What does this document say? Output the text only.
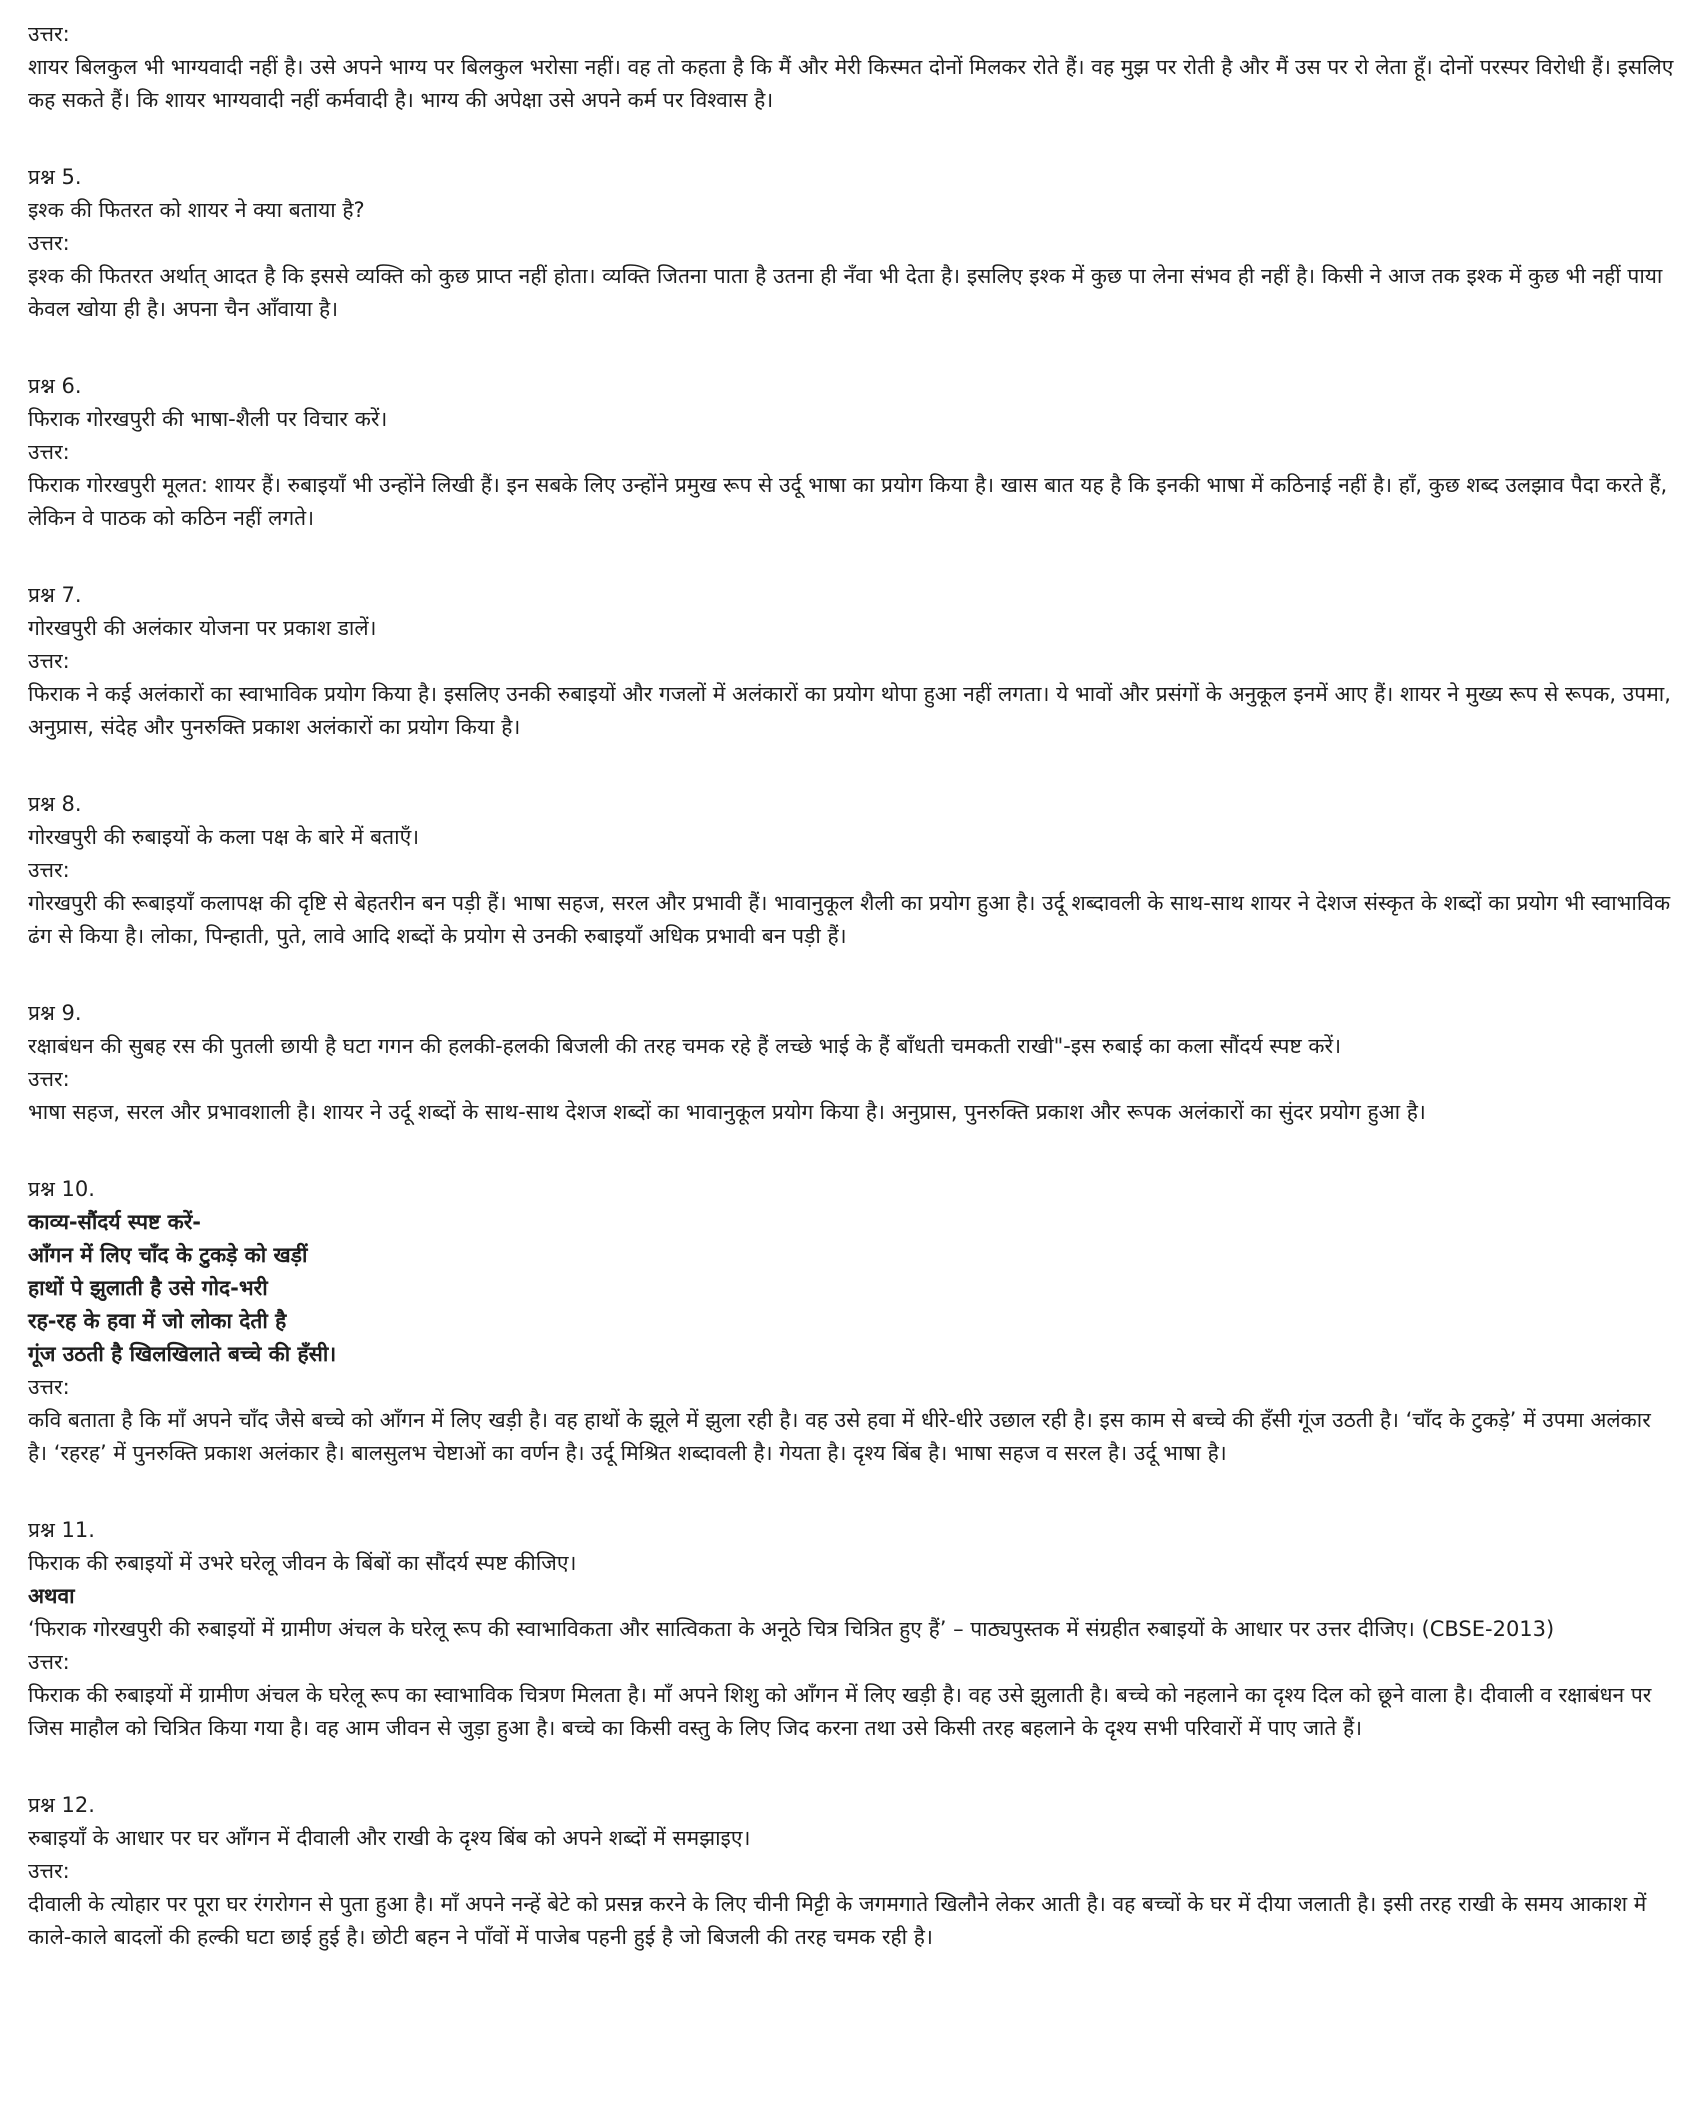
उत्तर:

शायर बिलकुल भी भाग्यवादी नहीं है। उसे अपने भाग्य पर बिलकुल भरोसा नहीं। वह तो कहता है कि मैं और मेरी किस्मत दोनों मिलकर रोते हैं। वह मुझ पर रोती है और मैं उस पर रो लेता हूँ। दोनों परस्पर विरोधी हैं। इसलिए कह सकते हैं। कि शायर भाग्यवादी नहीं कर्मवादी है। भाग्य की अपेक्षा उसे अपने कर्म पर विश्वास है।

प्रश्न 5.

इश्क की फितरत को शायर ने क्या बताया है?

उत्तर:

इश्क की फितरत अर्थात् आदत है कि इससे व्यक्ति को कुछ प्राप्त नहीं होता। व्यक्ति जितना पाता है उतना ही नँवा भी देता है। इसलिए इश्क में कुछ पा लेना संभव ही नहीं है। किसी ने आज तक इश्क में कुछ भी नहीं पाया केवल खोया ही है। अपना चैन आँवाया है।

प्रश्न 6.

फिराक गोरखपुरी की भाषा-शैली पर विचार करें।

उत्तर:

फिराक गोरखपुरी मूलत: शायर हैं। रुबाइयाँ भी उन्होंने लिखी हैं। इन सबके लिए उन्होंने प्रमुख रूप से उर्दू भाषा का प्रयोग किया है। खास बात यह है कि इनकी भाषा में कठिनाई नहीं है। हाँ, कुछ शब्द उलझाव पैदा करते हैं, लेकिन वे पाठक को कठिन नहीं लगते।

प्रश्न 7.

गोरखपुरी की अलंकार योजना पर प्रकाश डालें।

उत्तर:

फिराक ने कई अलंकारों का स्वाभाविक प्रयोग किया है। इसलिए उनकी रुबाइयों और गजलों में अलंकारों का प्रयोग थोपा हुआ नहीं लगता। ये भावों और प्रसंगों के अनुकूल इनमें आए हैं। शायर ने मुख्य रूप से रूपक, उपमा, अनुप्रास, संदेह और पुनरुक्ति प्रकाश अलंकारों का प्रयोग किया है।

प्रश्न 8.

गोरखपुरी की रुबाइयों के कला पक्ष के बारे में बताएँ।

उत्तर:

गोरखपुरी की रूबाइयाँ कलापक्ष की दृष्टि से बेहतरीन बन पड़ी हैं। भाषा सहज, सरल और प्रभावी हैं। भावानुकूल शैली का प्रयोग हुआ है। उर्दू शब्दावली के साथ-साथ शायर ने देशज संस्कृत के शब्दों का प्रयोग भी स्वाभाविक ढंग से किया है। लोका, पिन्हाती, पुते, लावे आदि शब्दों के प्रयोग से उनकी रुबाइयाँ अधिक प्रभावी बन पड़ी हैं।

प्रश्न 9.

रक्षाबंधन की सुबह रस की पुतली छायी है घटा गगन की हलकी-हलकी बिजली की तरह चमक रहे हैं लच्छे भाई के हैं बाँधती चमकती राखी"-इस रुबाई का कला सौंदर्य स्पष्ट करें।

उत्तर:

भाषा सहज, सरल और प्रभावशाली है। शायर ने उर्दू शब्दों के साथ-साथ देशज शब्दों का भावानुकूल प्रयोग किया है। अनुप्रास, पुनरुक्ति प्रकाश और रूपक अलंकारों का सुंदर प्रयोग हुआ है।

प्रश्न 10.

काव्य-सौंदर्य स्पष्ट करें-

आँगन में लिए चाँद के टुकड़े को खड़ीं

हाथों पे झुलाती है उसे गोद-भरी

रह-रह के हवा में जो लोका देती है

गूंज उठती है खिलखिलाते बच्चे की हँसी।

उत्तर:

कवि बताता है कि माँ अपने चाँद जैसे बच्चे को आँगन में लिए खड़ी है। वह हाथों के झूले में झुला रही है। वह उसे हवा में धीरे-धीरे उछाल रही है। इस काम से बच्चे की हँसी गूंज उठती है। ‘चाँद के टुकड़े’ में उपमा अलंकार है। ‘रहरह’ में पुनरुक्ति प्रकाश अलंकार है। बालसुलभ चेष्टाओं का वर्णन है। उर्दू मिश्रित शब्दावली है। गेयता है। दृश्य बिंब है। भाषा सहज व सरल है। उर्दू भाषा है।

प्रश्न 11.

फिराक की रुबाइयों में उभरे घरेलू जीवन के बिंबों का सौंदर्य स्पष्ट कीजिए।

अथवा

‘फिराक गोरखपुरी की रुबाइयों में ग्रामीण अंचल के घरेलू रूप की स्वाभाविकता और सात्विकता के अनूठे चित्र चित्रित हुए हैं’ – पाठ्यपुस्तक में संग्रहीत रुबाइयों के आधार पर उत्तर दीजिए। (CBSE-2013)

उत्तर:

फिराक की रुबाइयों में ग्रामीण अंचल के घरेलू रूप का स्वाभाविक चित्रण मिलता है। माँ अपने शिशु को आँगन में लिए खड़ी है। वह उसे झुलाती है। बच्चे को नहलाने का दृश्य दिल को छूने वाला है। दीवाली व रक्षाबंधन पर जिस माहौल को चित्रित किया गया है। वह आम जीवन से जुड़ा हुआ है। बच्चे का किसी वस्तु के लिए जिद करना तथा उसे किसी तरह बहलाने के दृश्य सभी परिवारों में पाए जाते हैं।

प्रश्न 12.

रुबाइयाँ के आधार पर घर आँगन में दीवाली और राखी के दृश्य बिंब को अपने शब्दों में समझाइए।

उत्तर:

दीवाली के त्योहार पर पूरा घर रंगरोगन से पुता हुआ है। माँ अपने नन्हें बेटे को प्रसन्न करने के लिए चीनी मिट्टी के जगमगाते खिलौने लेकर आती है। वह बच्चों के घर में दीया जलाती है। इसी तरह राखी के समय आकाश में काले-काले बादलों की हल्की घटा छाई हुई है। छोटी बहन ने पाँवों में पाजेब पहनी हुई है जो बिजली की तरह चमक रही है।
